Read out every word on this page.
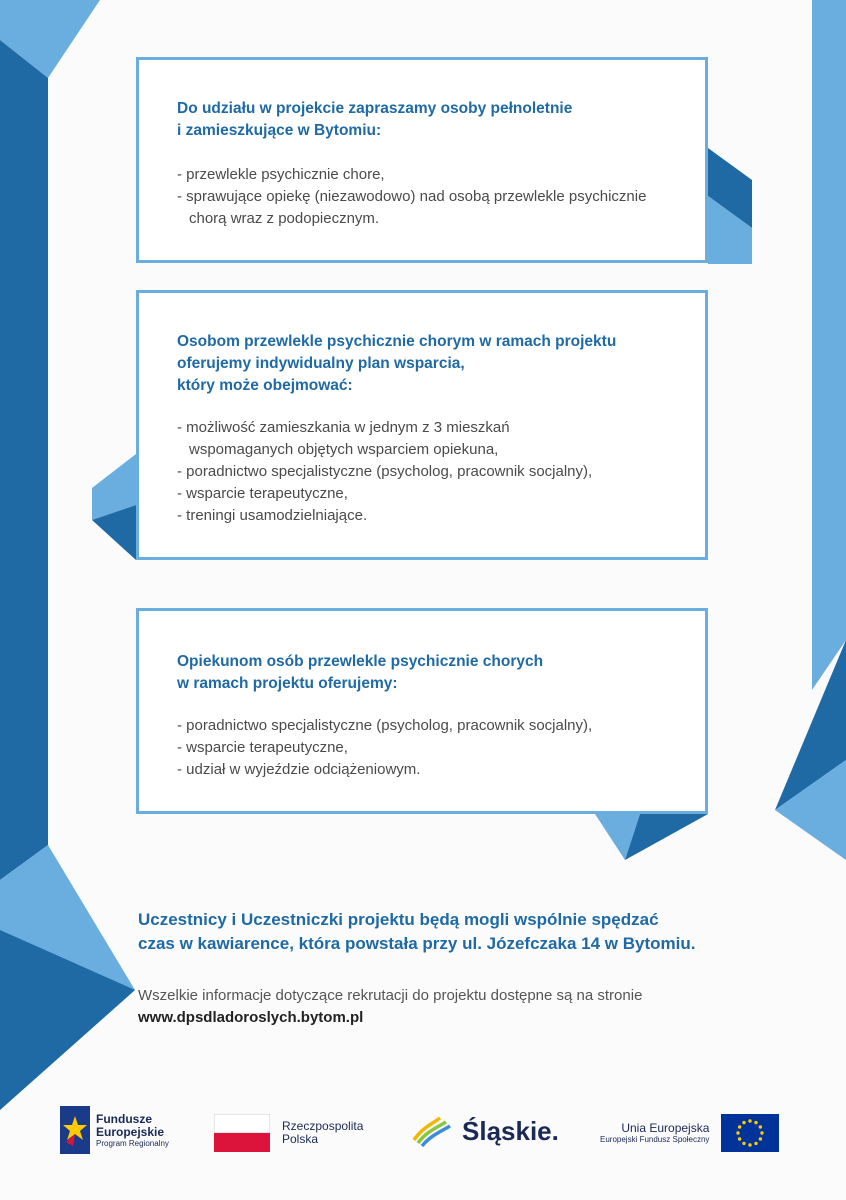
Do udziału w projekcie zapraszamy osoby pełnoletnie
i zamieszkujące w Bytomiu:

- przewlekle psychicznie chore,
- sprawujące opiekę (niezawodowo) nad osobą przewlekle psychicznie chorą wraz z podopiecznym.

Osobom przewlekle psychicznie chorym w ramach projektu
oferujemy indywidualny plan wsparcia,
który może obejmować:

- możliwość zamieszkania w jednym z 3 mieszkań wspomaganych objętych wsparciem opiekuna,
- poradnictwo specjalistyczne (psycholog, pracownik socjalny),
- wsparcie terapeutyczne,
- treningi usamodzielniające.

Opiekunom osób przewlekle psychicznie chorych
w ramach projektu oferujemy:

- poradnictwo specjalistyczne (psycholog, pracownik socjalny),
- wsparcie terapeutyczne,
- udział w wyjeździe odciążeniowym.

Uczestnicy i Uczestniczki projektu będą mogli wspólnie spędzać
czas w kawiarence, która powstała przy ul. Józefczaka 14 w Bytomiu.

Wszelkie informacje dotyczące rekrutacji do projektu dostępne są na stronie
www.dpsdladoroslych.bytom.pl

Fundusze
Europejskie
Program Regionalny
Rzeczpospolita
Polska	Śląskie.	Unia Europejska
Europejski Fundusz Społeczny
